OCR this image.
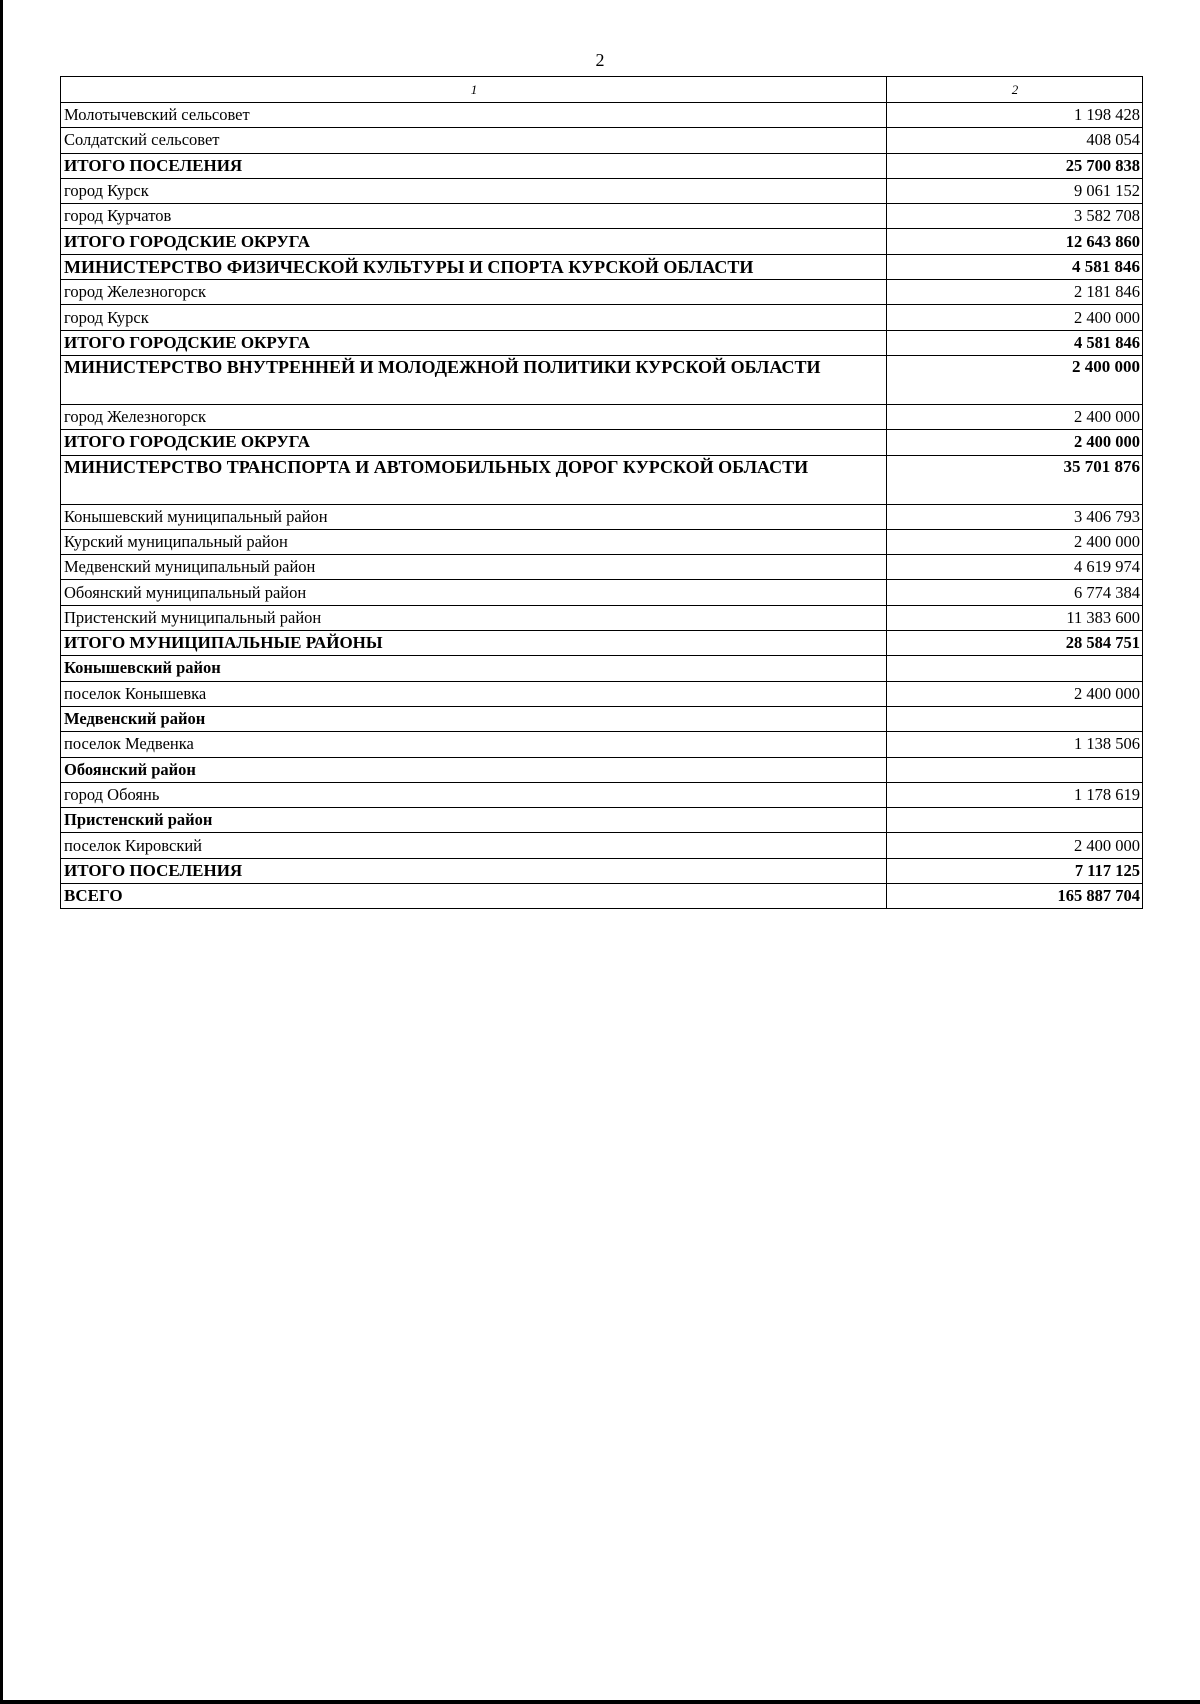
2
1	2
Молотычевский сельсовет	1 198 428
Солдатский сельсовет	408 054
ИТОГО ПОСЕЛЕНИЯ	25 700 838
город Курск	9 061 152
город Курчатов	3 582 708
ИТОГО ГОРОДСКИЕ ОКРУГА	12 643 860
МИНИСТЕРСТВО ФИЗИЧЕСКОЙ КУЛЬТУРЫ И СПОРТА КУРСКОЙ ОБЛАСТИ	4 581 846
город Железногорск	2 181 846
город Курск	2 400 000
ИТОГО ГОРОДСКИЕ ОКРУГА	4 581 846
МИНИСТЕРСТВО ВНУТРЕННЕЙ И МОЛОДЕЖНОЙ ПОЛИТИКИ КУРСКОЙ ОБЛАСТИ	2 400 000
город Железногорск	2 400 000
ИТОГО ГОРОДСКИЕ ОКРУГА	2 400 000
МИНИСТЕРСТВО ТРАНСПОРТА И АВТОМОБИЛЬНЫХ ДОРОГ КУРСКОЙ ОБЛАСТИ	35 701 876
Конышевский муниципальный район	3 406 793
Курский муниципальный район	2 400 000
Медвенский муниципальный район	4 619 974
Обоянский муниципальный район	6 774 384
Пристенский муниципальный район	11 383 600
ИТОГО МУНИЦИПАЛЬНЫЕ РАЙОНЫ	28 584 751
Конышевский район	
поселок Конышевка	2 400 000
Медвенский район	
поселок Медвенка	1 138 506
Обоянский район	
город Обоянь	1 178 619
Пристенский район	
поселок Кировский	2 400 000
ИТОГО ПОСЕЛЕНИЯ	7 117 125
ВСЕГО	165 887 704
